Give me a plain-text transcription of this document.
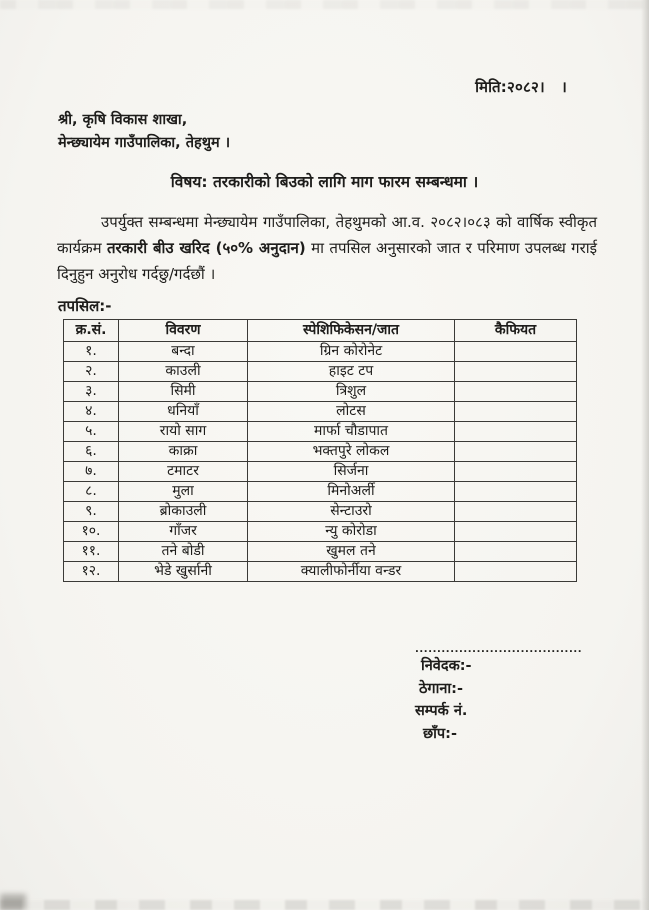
मिति:२०८२।   ।
श्री, कृषि विकास शाखा,
मेन्छ्यायेम गाउँपालिका, तेहथुम ।
विषय: तरकारीको बिउको लागि माग फारम सम्बन्धमा ।
उपर्युक्त सम्बन्धमा मेन्छ्यायेम गाउँपालिका, तेहथुमको आ.व. २०८२।०८३ को वार्षिक स्वीकृत कार्यक्रम तरकारी बीउ खरिद (५०% अनुदान) मा तपसिल अनुसारको जात र परिमाण उपलब्ध गराई दिनुहुन अनुरोध गर्दछु/गर्दछौं ।
तपसिल:-
क्र.सं.	विवरण	स्पेशिफिकेसन/जात	कैफियत
१.	बन्दा	ग्रिन कोरोनेट	
२.	काउली	हाइट टप	
३.	सिमी	त्रिशुल	
४.	धनियाँ	लोटस	
५.	रायो साग	मार्फा चौडापात	
६.	काक्रा	भक्तपुरे लोकल	
७.	टमाटर	सिर्जना	
८.	मुला	मिनोअर्ली	
९.	ब्रोकाउली	सेन्टाउरो	
१०.	गाँजर	न्यु कोरोडा	
११.	तने बोडी	खुमल तने	
१२.	भेडे खुर्सानी	क्यालीफोर्नीया वन्डर	
......................................
निवेदक:-
ठेगाना:-
सम्पर्क नं.
छाँप:-
